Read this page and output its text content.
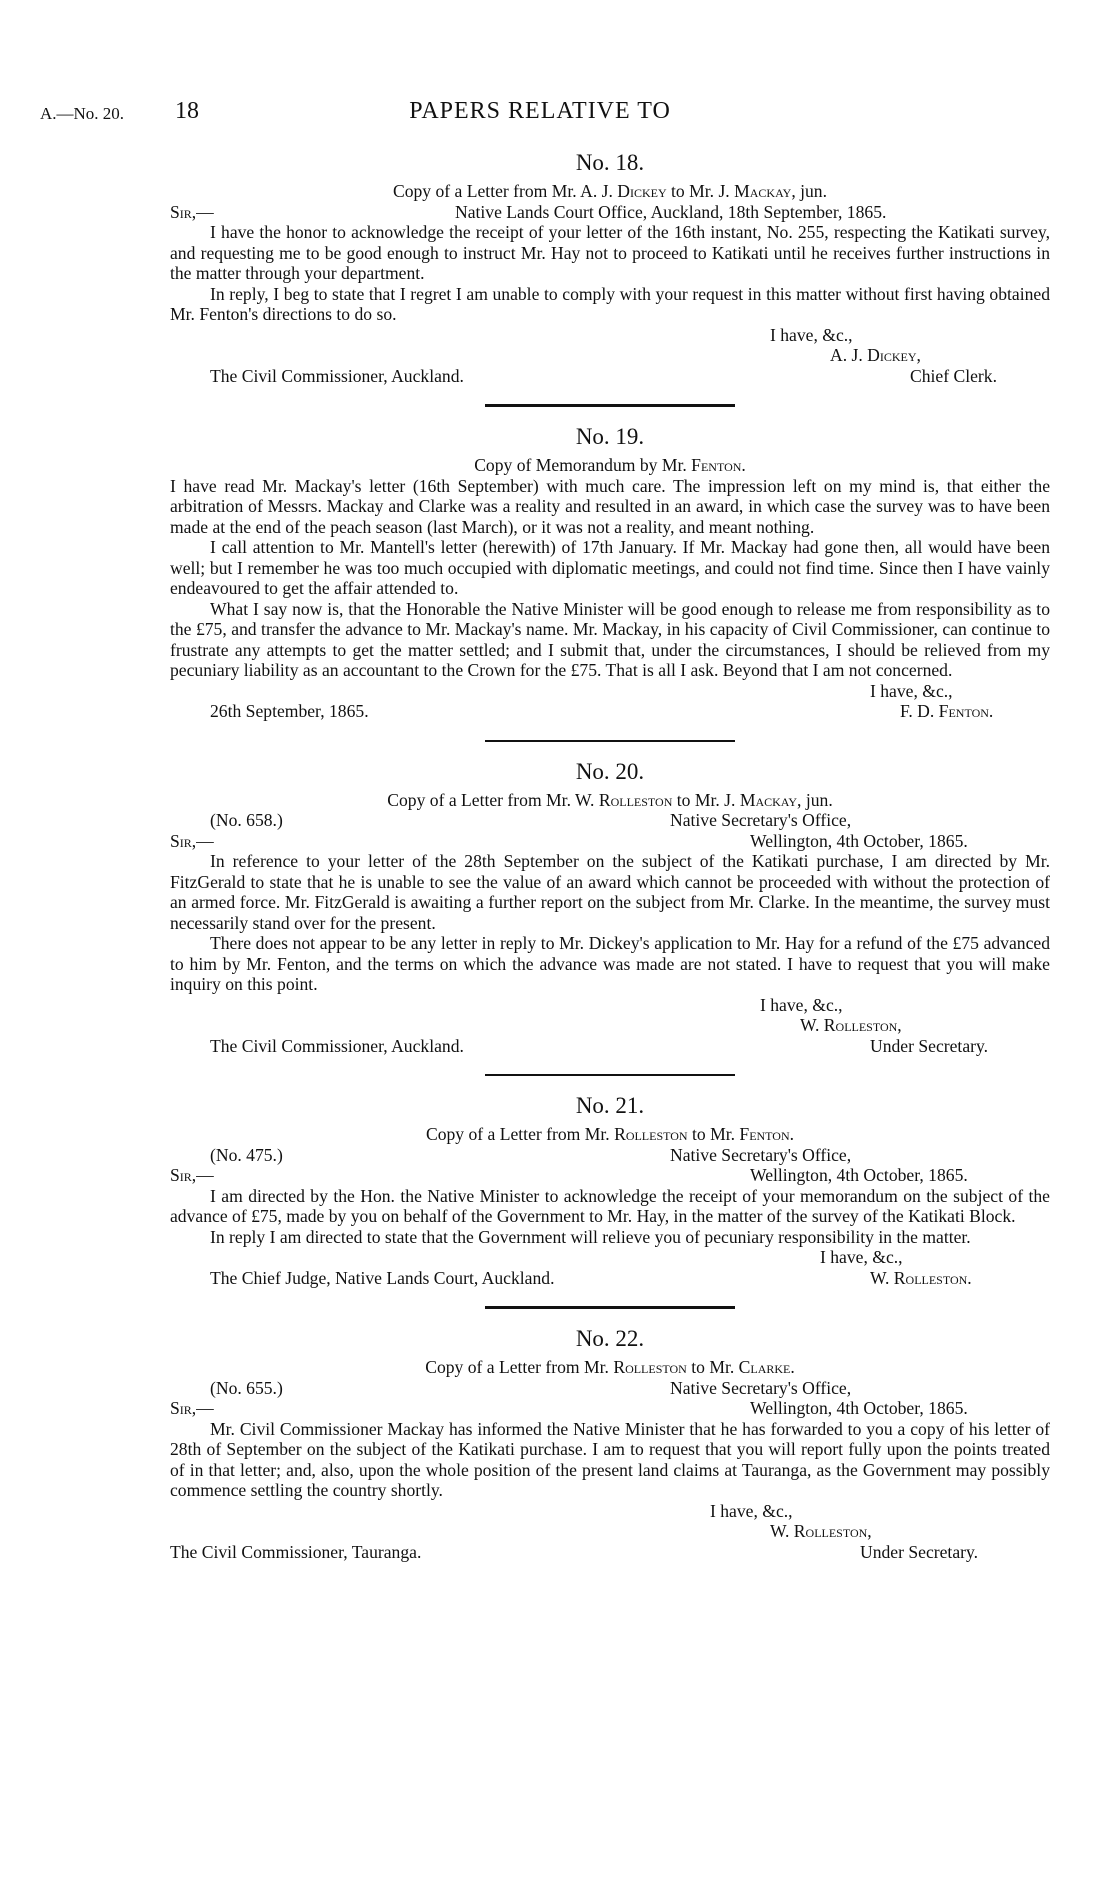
A.—No. 20. 18	PAPERS RELATIVE TO
No. 18.
Copy of a Letter from Mr. A. J. Dickey to Mr. J. Mackay, jun.
Sir,—	Native Lands Court Office, Auckland, 18th September, 1865.

I have the honor to acknowledge the receipt of your letter of the 16th instant, No. 255, respecting the Katikati survey, and requesting me to be good enough to instruct Mr. Hay not to proceed to Katikati until he receives further instructions in the matter through your department.

In reply, I beg to state that I regret I am unable to comply with your request in this matter without first having obtained Mr. Fenton's directions to do so.

I have, &c.,
A. J. Dickey,
The Civil Commissioner, Auckland.	Chief Clerk.
No. 19.
Copy of Memorandum by Mr. Fenton.

I have read Mr. Mackay's letter (16th September) with much care. The impression left on my mind is, that either the arbitration of Messrs. Mackay and Clarke was a reality and resulted in an award, in which case the survey was to have been made at the end of the peach season (last March), or it was not a reality, and meant nothing.

I call attention to Mr. Mantell's letter (herewith) of 17th January. If Mr. Mackay had gone then, all would have been well; but I remember he was too much occupied with diplomatic meetings, and could not find time. Since then I have vainly endeavoured to get the affair attended to.

What I say now is, that the Honorable the Native Minister will be good enough to release me from responsibility as to the £75, and transfer the advance to Mr. Mackay's name. Mr. Mackay, in his capacity of Civil Commissioner, can continue to frustrate any attempts to get the matter settled; and I submit that, under the circumstances, I should be relieved from my pecuniary liability as an accountant to the Crown for the £75. That is all I ask. Beyond that I am not concerned.

I have, &c.,
26th September, 1865.	F. D. Fenton.
No. 20.
Copy of a Letter from Mr. W. Rolleston to Mr. J. Mackay, jun.
(No. 658.)	Native Secretary's Office,
Sir,—	Wellington, 4th October, 1865.

In reference to your letter of the 28th September on the subject of the Katikati purchase, I am directed by Mr. FitzGerald to state that he is unable to see the value of an award which cannot be proceeded with without the protection of an armed force. Mr. FitzGerald is awaiting a further report on the subject from Mr. Clarke. In the meantime, the survey must necessarily stand over for the present.

There does not appear to be any letter in reply to Mr. Dickey's application to Mr. Hay for a refund of the £75 advanced to him by Mr. Fenton, and the terms on which the advance was made are not stated. I have to request that you will make inquiry on this point.

I have, &c.,
W. Rolleston,
The Civil Commissioner, Auckland.	Under Secretary.
No. 21.
Copy of a Letter from Mr. Rolleston to Mr. Fenton.
(No. 475.)	Native Secretary's Office,
Sir,—	Wellington, 4th October, 1865.

I am directed by the Hon. the Native Minister to acknowledge the receipt of your memorandum on the subject of the advance of £75, made by you on behalf of the Government to Mr. Hay, in the matter of the survey of the Katikati Block.

In reply I am directed to state that the Government will relieve you of pecuniary responsibility in the matter.

I have, &c.,
The Chief Judge, Native Lands Court, Auckland.	W. Rolleston.
No. 22.
Copy of a Letter from Mr. Rolleston to Mr. Clarke.
(No. 655.)	Native Secretary's Office,
Sir,—	Wellington, 4th October, 1865.

Mr. Civil Commissioner Mackay has informed the Native Minister that he has forwarded to you a copy of his letter of 28th of September on the subject of the Katikati purchase. I am to request that you will report fully upon the points treated of in that letter; and, also, upon the whole position of the present land claims at Tauranga, as the Government may possibly commence settling the country shortly.

I have, &c.,
W. Rolleston,
The Civil Commissioner, Tauranga.	Under Secretary.
